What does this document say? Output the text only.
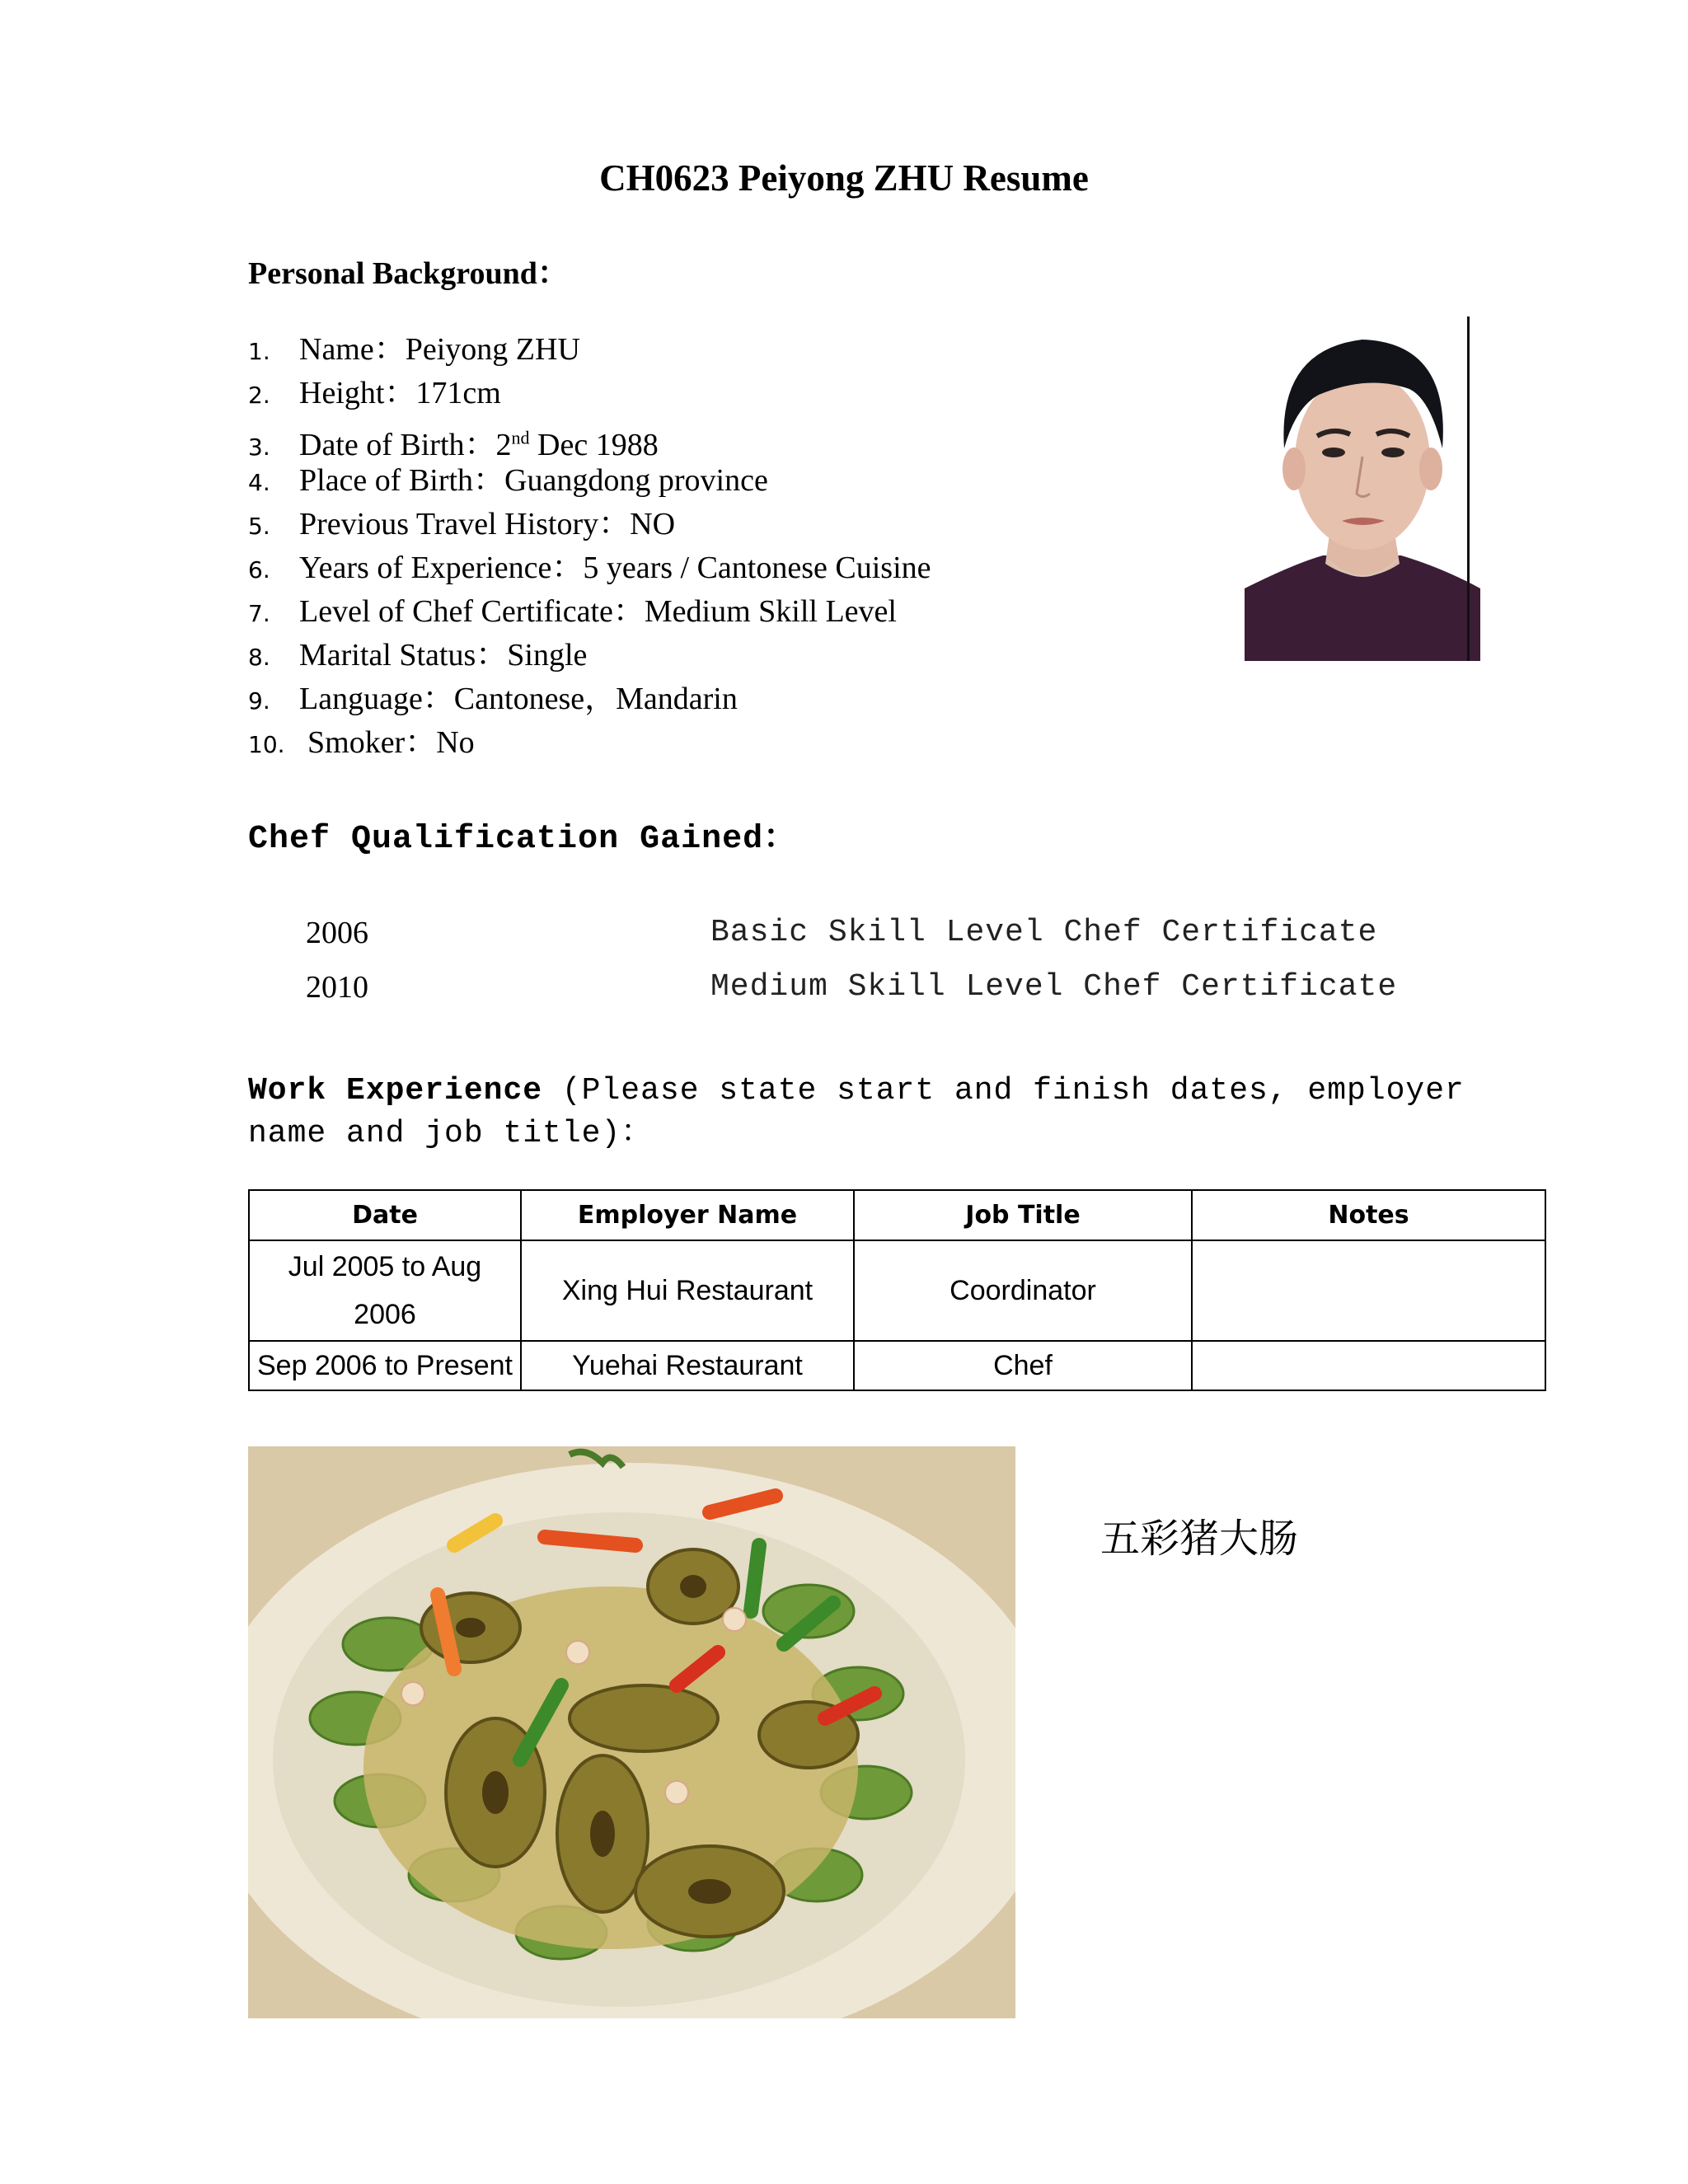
CH0623 Peiyong ZHU Resume
Personal Background：
1. Name：Peiyong ZHU
2. Height：171cm
3. Date of Birth：2nd Dec 1988
4. Place of Birth：Guangdong province
5. Previous Travel History：NO
6. Years of Experience：5 years / Cantonese Cuisine
7. Level of Chef Certificate：Medium Skill Level
8. Marital Status：Single
9. Language：Cantonese，Mandarin
10. Smoker：No
Chef Qualification Gained：
2006	Basic Skill Level Chef Certificate
2010	Medium Skill Level Chef Certificate
Work Experience (Please state start and finish dates, employer name and job title)：
Date	Employer Name	Job Title	Notes
Jul 2005 to Aug 2006	Xing Hui Restaurant	Coordinator	
Sep 2006 to Present	Yuehai Restaurant	Chef	
五彩猪大肠
